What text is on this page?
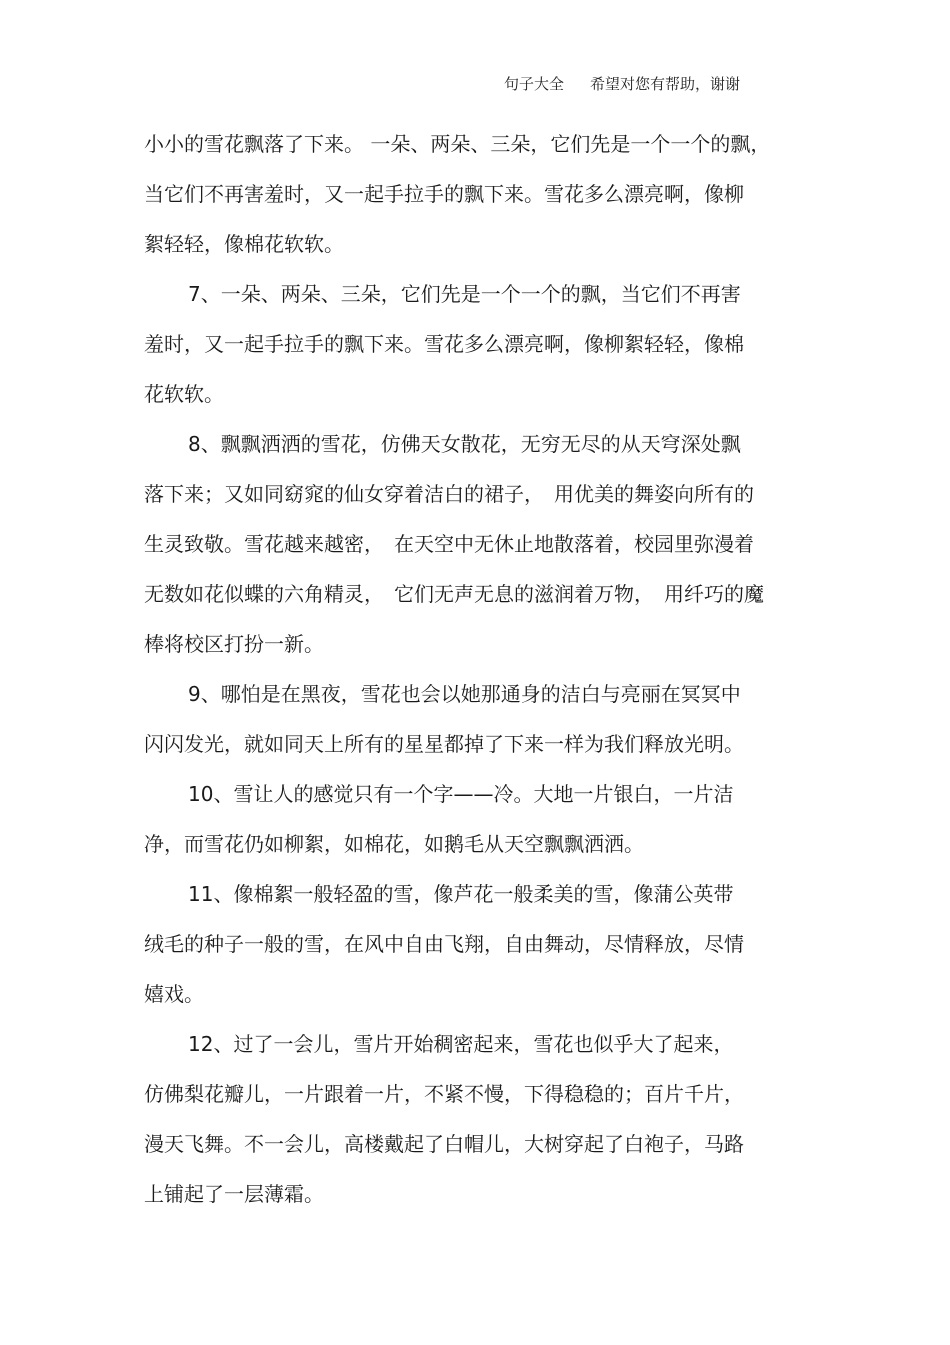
句子大全 希望对您有帮助，谢谢
小小的雪花飘落了下来。 一朵、两朵、三朵，它们先是一个一个的飘，
当它们不再害羞时，又一起手拉手的飘下来。雪花多么漂亮啊，像柳
絮轻轻，像棉花软软。
7、一朵、两朵、三朵，它们先是一个一个的飘，当它们不再害
羞时，又一起手拉手的飘下来。雪花多么漂亮啊，像柳絮轻轻，像棉
花软软。
8、飘飘洒洒的雪花，仿佛天女散花，无穷无尽的从天穹深处飘
落下来；又如同窈窕的仙女穿着洁白的裙子，　用优美的舞姿向所有的
生灵致敬。雪花越来越密，　在天空中无休止地散落着，校园里弥漫着
无数如花似蝶的六角精灵，　它们无声无息的滋润着万物，　用纤巧的魔
棒将校区打扮一新。
9、哪怕是在黑夜，雪花也会以她那通身的洁白与亮丽在冥冥中
闪闪发光，就如同天上所有的星星都掉了下来一样为我们释放光明。
10、雪让人的感觉只有一个字——冷。大地一片银白，一片洁
净，而雪花仍如柳絮，如棉花，如鹅毛从天空飘飘洒洒。
11、像棉絮一般轻盈的雪，像芦花一般柔美的雪，像蒲公英带
绒毛的种子一般的雪，在风中自由飞翔，自由舞动，尽情释放，尽情
嬉戏。
12、过了一会儿，雪片开始稠密起来，雪花也似乎大了起来，
仿佛梨花瓣儿，一片跟着一片，不紧不慢，下得稳稳的；百片千片，
漫天飞舞。不一会儿，高楼戴起了白帽儿，大树穿起了白袍子，马路
上铺起了一层薄霜。
